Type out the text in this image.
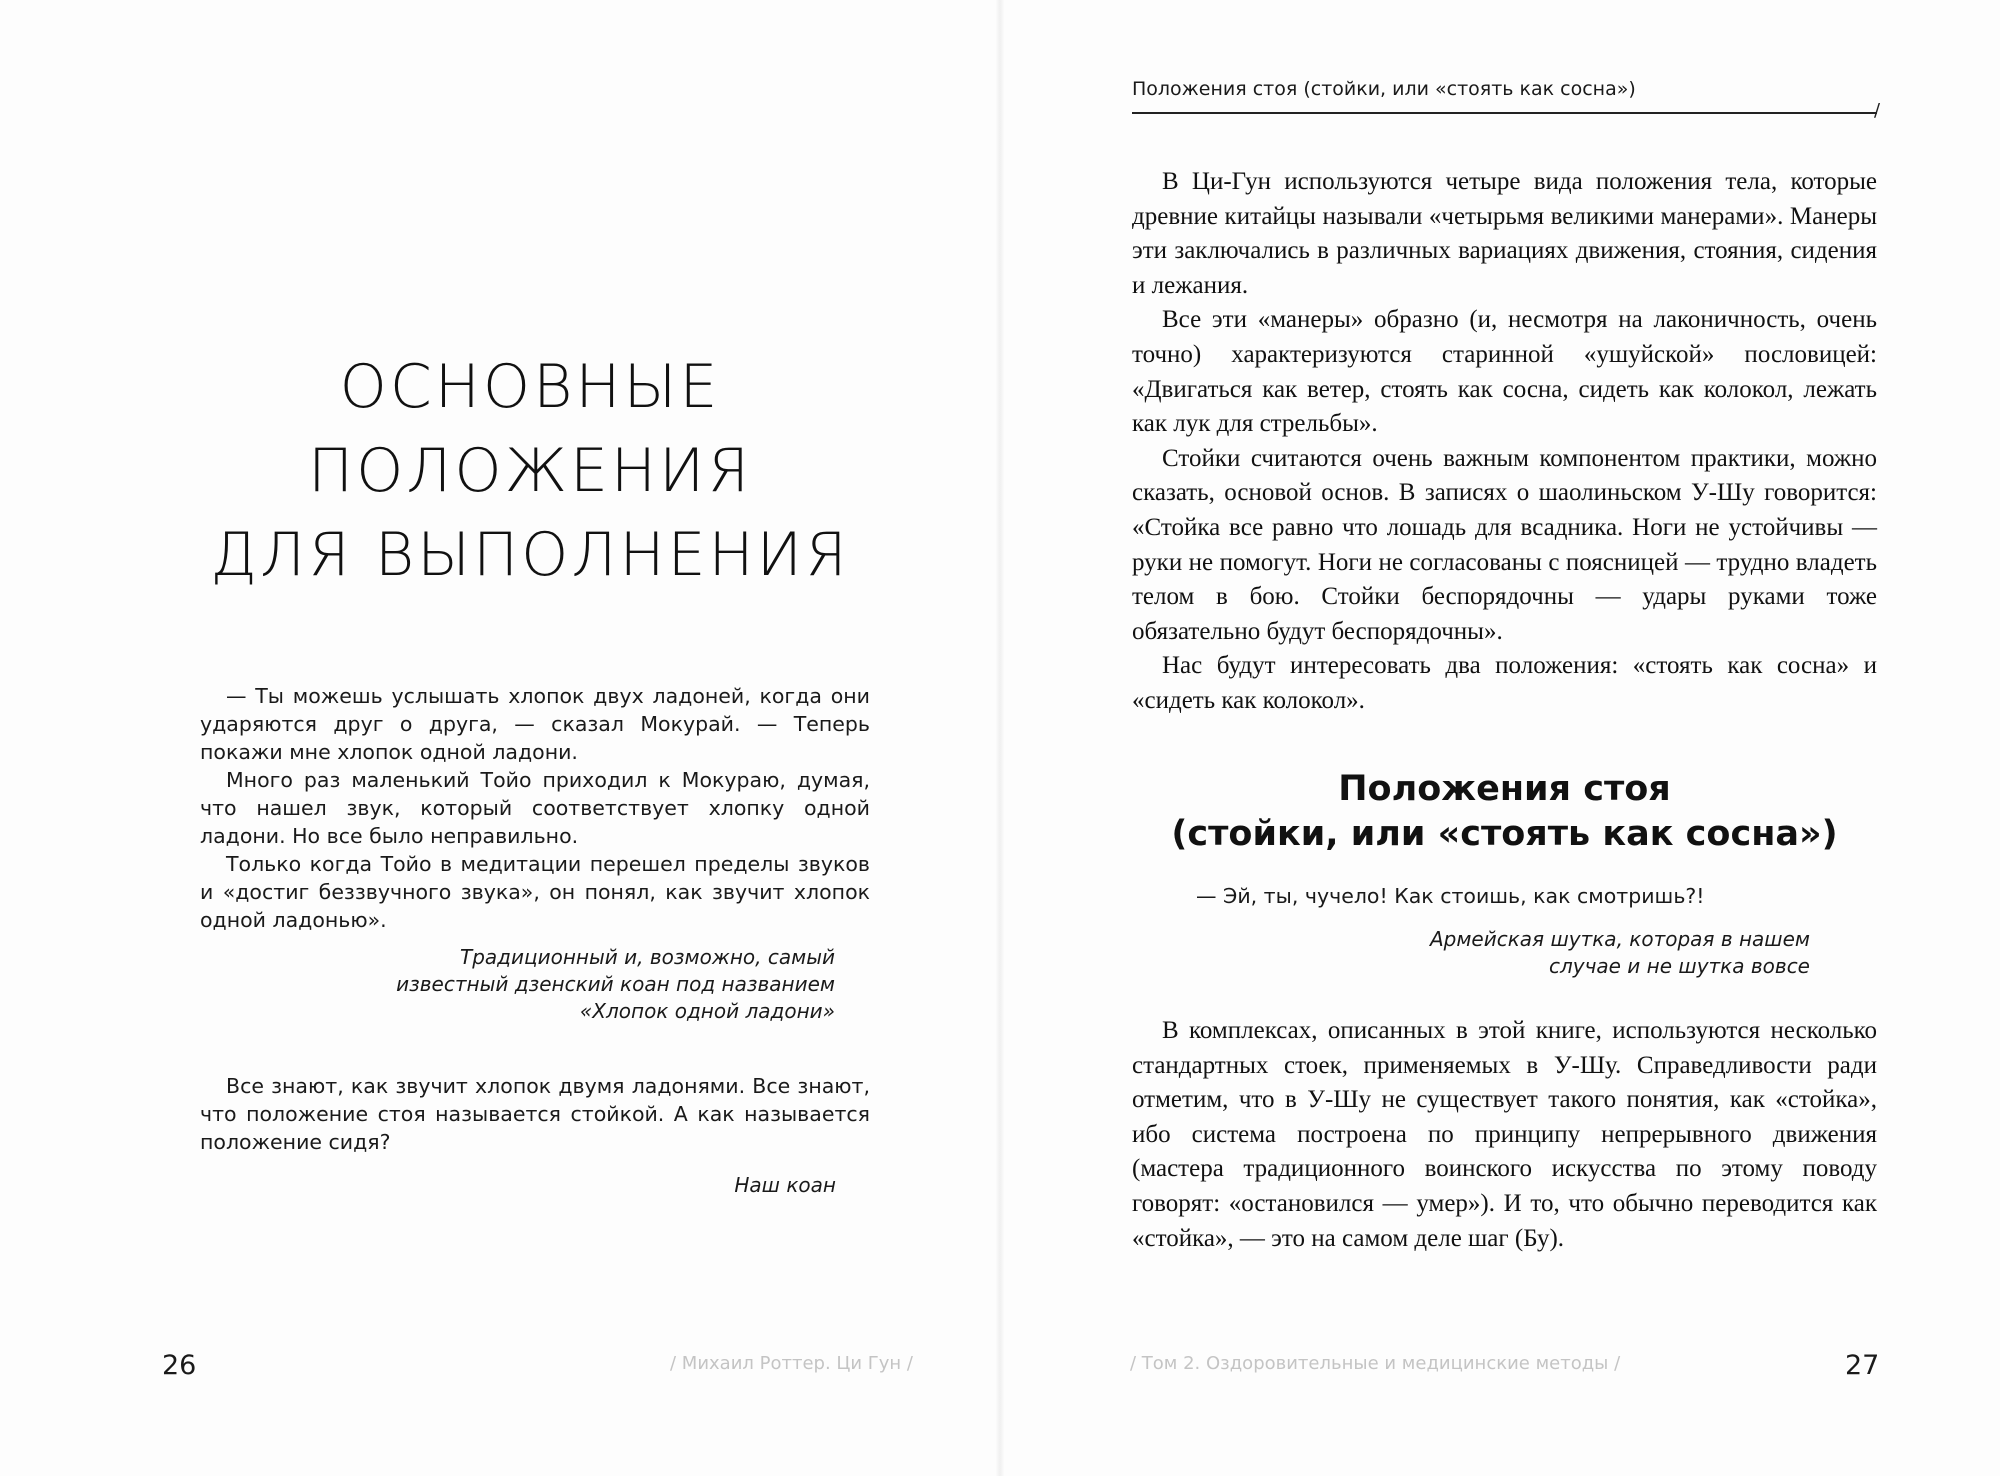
ОСНОВНЫЕ
ПОЛОЖЕНИЯ
ДЛЯ ВЫПОЛНЕНИЯ

— Ты можешь услышать хлопок двух ладоней, когда они ударяются друг о друга, — сказал Мокурай. — Теперь покажи мне хлопок одной ладони.

Много раз маленький Тойо приходил к Мокураю, думая, что нашел звук, который соответствует хлопку одной ладони. Но все было неправильно.

Только когда Тойо в медитации перешел пределы звуков и «достиг беззвучного звука», он понял, как звучит хлопок одной ладонью».

Традиционный и, возможно, самый
известный дзенский коан под названием
«Хлопок одной ладони»
Все знают, как звучит хлопок двумя ладонями. Все знают, что положение стоя называется стойкой. А как называется положение сидя?
Наш коан
26	/ Михаил Роттер. Ци Гун /
Положения стоя (стойки, или «стоять как сосна»)
/

В Ци-Гун используются четыре вида положения тела, которые древние китайцы называли «четырьмя великими манерами». Манеры эти заключались в различных вариациях движения, стояния, сидения и лежания.

Все эти «манеры» образно (и, несмотря на лаконичность, очень точно) характеризуются старинной «ушуйской» пословицей: «Двигаться как ветер, стоять как сосна, сидеть как колокол, лежать как лук для стрельбы».

Стойки считаются очень важным компонентом практики, можно сказать, основой основ. В записях о шаолиньском У-Шу говорится: «Стойка все равно что лошадь для всадника. Ноги не устойчивы — руки не помогут. Ноги не согласованы с поясницей — трудно владеть телом в бою. Стойки беспорядочны — удары руками тоже обязательно будут беспорядочны».

Нас будут интересовать два положения: «стоять как сосна» и «сидеть как колокол».

Положения стоя
(стойки, или «стоять как сосна»)
— Эй, ты, чучело! Как стоишь, как смотришь?!
Армейская шутка, которая в нашем
случае и не шутка вовсе

В комплексах, описанных в этой книге, используются несколько стандартных стоек, применяемых в У-Шу. Справедливости ради отметим, что в У-Шу не существует такого понятия, как «стойка», ибо система построена по принципу непрерывного движения (мастера традиционного воинского искусства по этому поводу говорят: «остановился — умер»). И то, что обычно переводится как «стойка», — это на самом деле шаг (Бу).

/ Том 2. Оздоровительные и медицинские методы /	27
